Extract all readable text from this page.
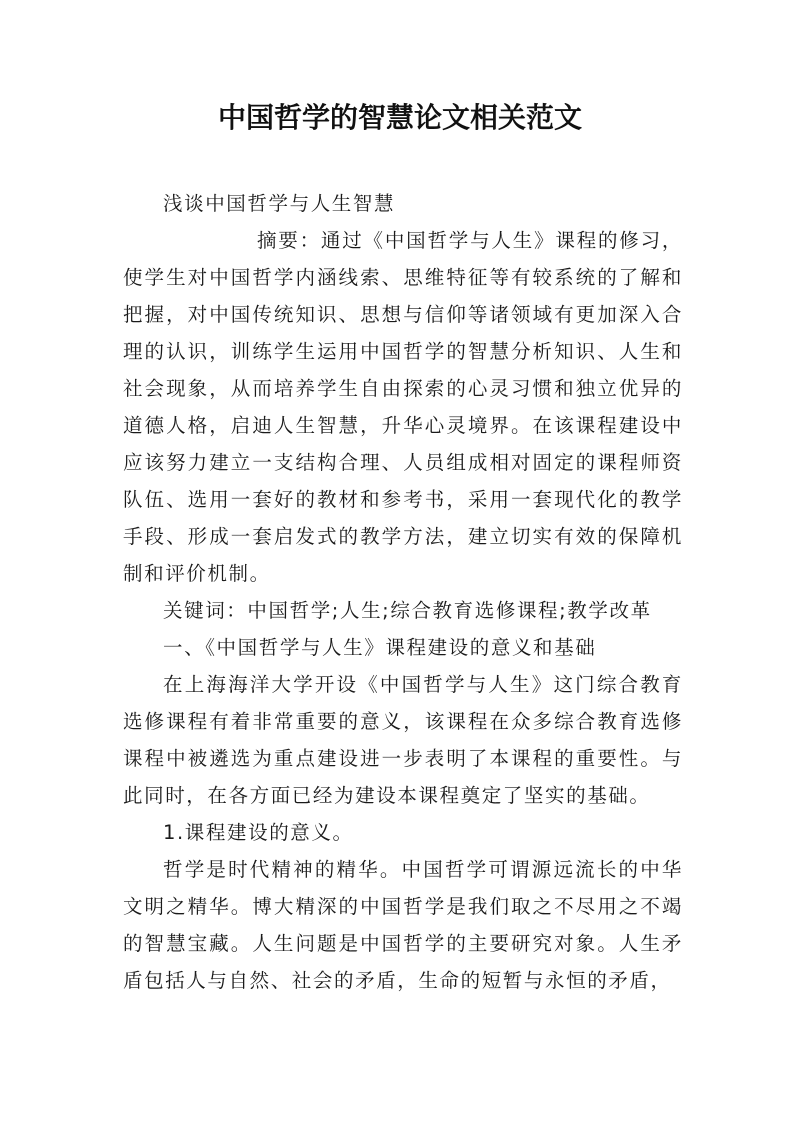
中国哲学的智慧论文相关范文

浅谈中国哲学与人生智慧

摘要：通过《中国哲学与人生》课程的修习，使学生对中国哲学内涵线索、思维特征等有较系统的了解和把握，对中国传统知识、思想与信仰等诸领域有更加深入合理的认识，训练学生运用中国哲学的智慧分析知识、人生和社会现象，从而培养学生自由探索的心灵习惯和独立优异的道德人格，启迪人生智慧，升华心灵境界。在该课程建设中应该努力建立一支结构合理、人员组成相对固定的课程师资队伍、选用一套好的教材和参考书，采用一套现代化的教学手段、形成一套启发式的教学方法，建立切实有效的保障机制和评价机制。

关键词：中国哲学;人生;综合教育选修课程;教学改革

一、《中国哲学与人生》课程建设的意义和基础

在上海海洋大学开设《中国哲学与人生》这门综合教育选修课程有着非常重要的意义，该课程在众多综合教育选修课程中被遴选为重点建设进一步表明了本课程的重要性。与此同时，在各方面已经为建设本课程奠定了坚实的基础。

1.课程建设的意义。

哲学是时代精神的精华。中国哲学可谓源远流长的中华文明之精华。博大精深的中国哲学是我们取之不尽用之不竭的智慧宝藏。人生问题是中国哲学的主要研究对象。人生矛盾包括人与自然、社会的矛盾，生命的短暂与永恒的矛盾，
